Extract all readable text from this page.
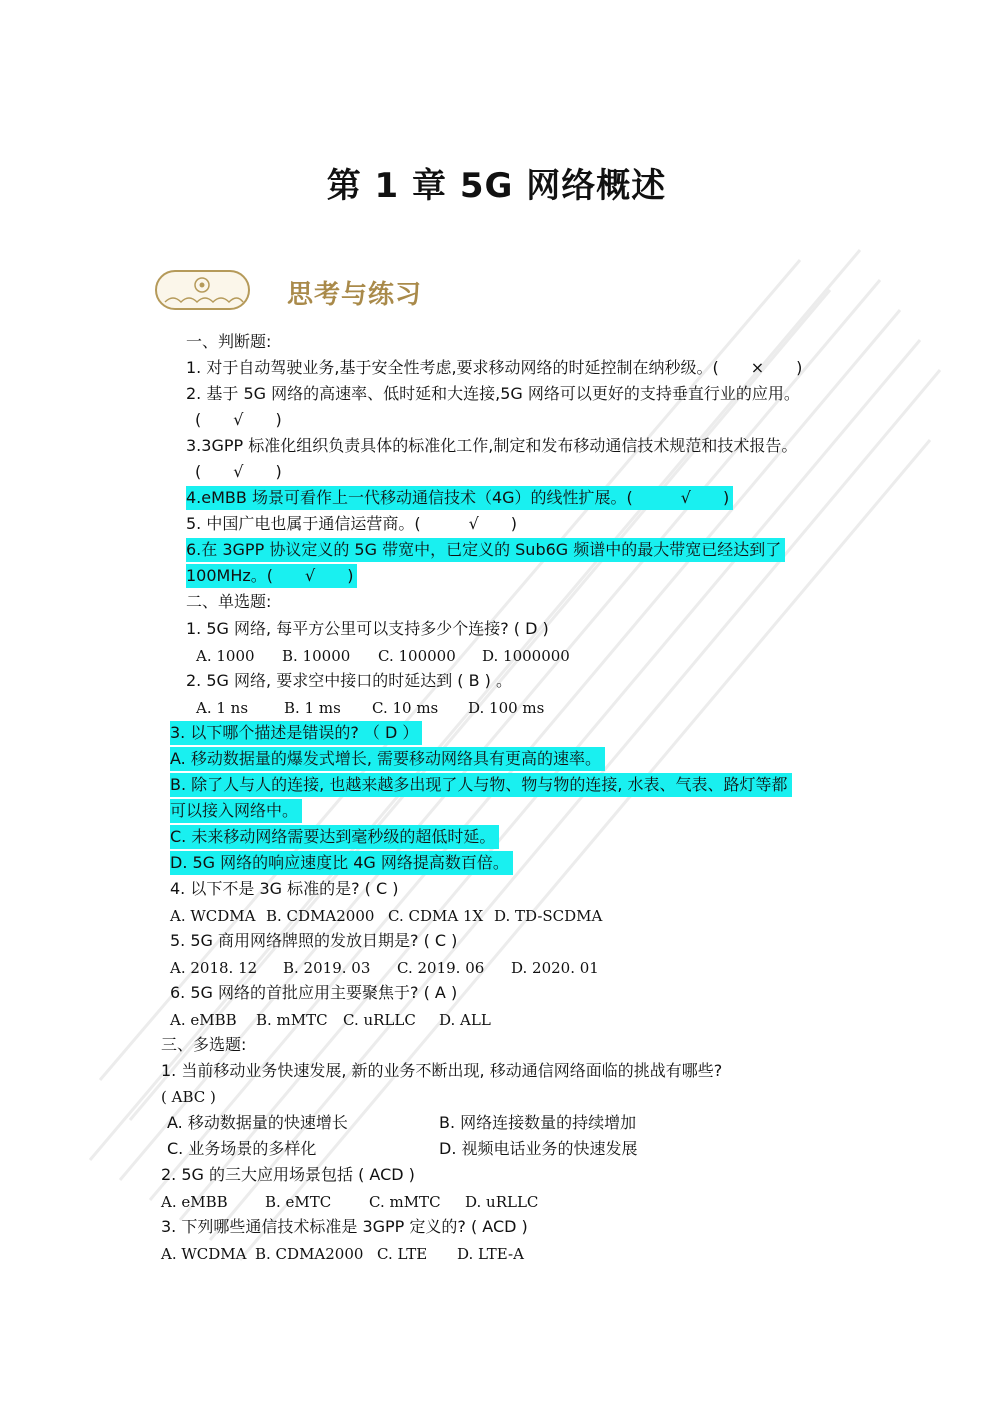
第 1 章 5G 网络概述
思考与练习
一、判断题:
1. 对于自动驾驶业务,基于安全性考虑,要求移动网络的时延控制在纳秒级。(　　×　　)
2. 基于 5G 网络的高速率、低时延和大连接,5G 网络可以更好的支持垂直行业的应用。
(　　√　　)
3.3GPP 标准化组织负责具体的标准化工作,制定和发布移动通信技术规范和技术报告。
(　　√　　)
4.eMBB 场景可看作上一代移动通信技术（4G）的线性扩展。(　　　√　　)
5. 中国广电也属于通信运营商。(　　　√　　)
6.在 3GPP 协议定义的 5G 带宽中，已定义的 Sub6G 频谱中的最大带宽已经达到了
100MHz。(　　√　　)
二、单选题:
1. 5G 网络, 每平方公里可以支持多少个连接? ( D )
A. 1000 B. 10000 C. 100000 D. 1000000
2. 5G 网络, 要求空中接口的时延达到 ( B ) 。
A. 1 ns B. 1 ms C. 10 ms D. 100 ms
3. 以下哪个描述是错误的? （ D ）
A. 移动数据量的爆发式增长, 需要移动网络具有更高的速率。
B. 除了人与人的连接, 也越来越多出现了人与物、物与物的连接, 水表、气表、路灯等都
可以接入网络中。
C. 未来移动网络需要达到毫秒级的超低时延。
D. 5G 网络的响应速度比 4G 网络提高数百倍。
4. 以下不是 3G 标准的是? ( C )
A. WCDMA B. CDMA2000 C. CDMA 1X D. TD-SCDMA
5. 5G 商用网络牌照的发放日期是? ( C )
A. 2018. 12 B. 2019. 03 C. 2019. 06 D. 2020. 01
6. 5G 网络的首批应用主要聚焦于? ( A )
A. eMBB B. mMTC C. uRLLC D. ALL
三、多选题:
1. 当前移动业务快速发展, 新的业务不断出现, 移动通信网络面临的挑战有哪些?
( ABC )
A. 移动数据量的快速增长	B. 网络连接数量的持续增加
C. 业务场景的多样化	D. 视频电话业务的快速发展
2. 5G 的三大应用场景包括 ( ACD )
A. eMBB B. eMTC	C. mMTC D. uRLLC
3. 下列哪些通信技术标准是 3GPP 定义的? ( ACD )
A. WCDMA B. CDMA2000 C. LTE D. LTE-A
